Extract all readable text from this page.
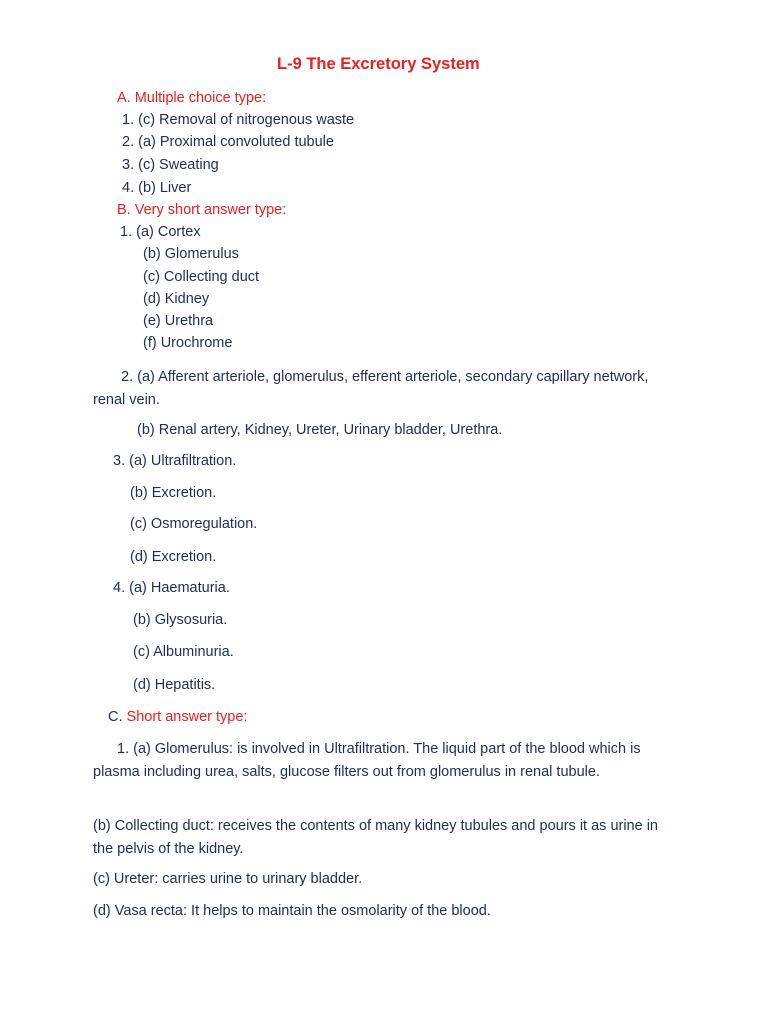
L-9 The Excretory System
A. Multiple choice type:
1. (c) Removal of nitrogenous waste
2. (a) Proximal convoluted tubule
3. (c) Sweating
4. (b) Liver
B. Very short answer type:
1. (a) Cortex
(b) Glomerulus
(c) Collecting duct
(d) Kidney
(e) Urethra
(f) Urochrome
2. (a) Afferent arteriole, glomerulus, efferent arteriole, secondary capillary network, renal vein.
(b) Renal artery, Kidney, Ureter, Urinary bladder, Urethra.
3. (a) Ultrafiltration.
(b) Excretion.
(c) Osmoregulation.
(d) Excretion.
4. (a) Haematuria.
(b) Glysosuria.
(c) Albuminuria.
(d) Hepatitis.
C. Short answer type:
1. (a) Glomerulus: is involved in Ultrafiltration. The liquid part of the blood which is plasma including urea, salts, glucose filters out from glomerulus in renal tubule.
(b) Collecting duct: receives the contents of many kidney tubules and pours it as urine in the pelvis of the kidney.
(c) Ureter: carries urine to urinary bladder.
(d) Vasa recta: It helps to maintain the osmolarity of the blood.
